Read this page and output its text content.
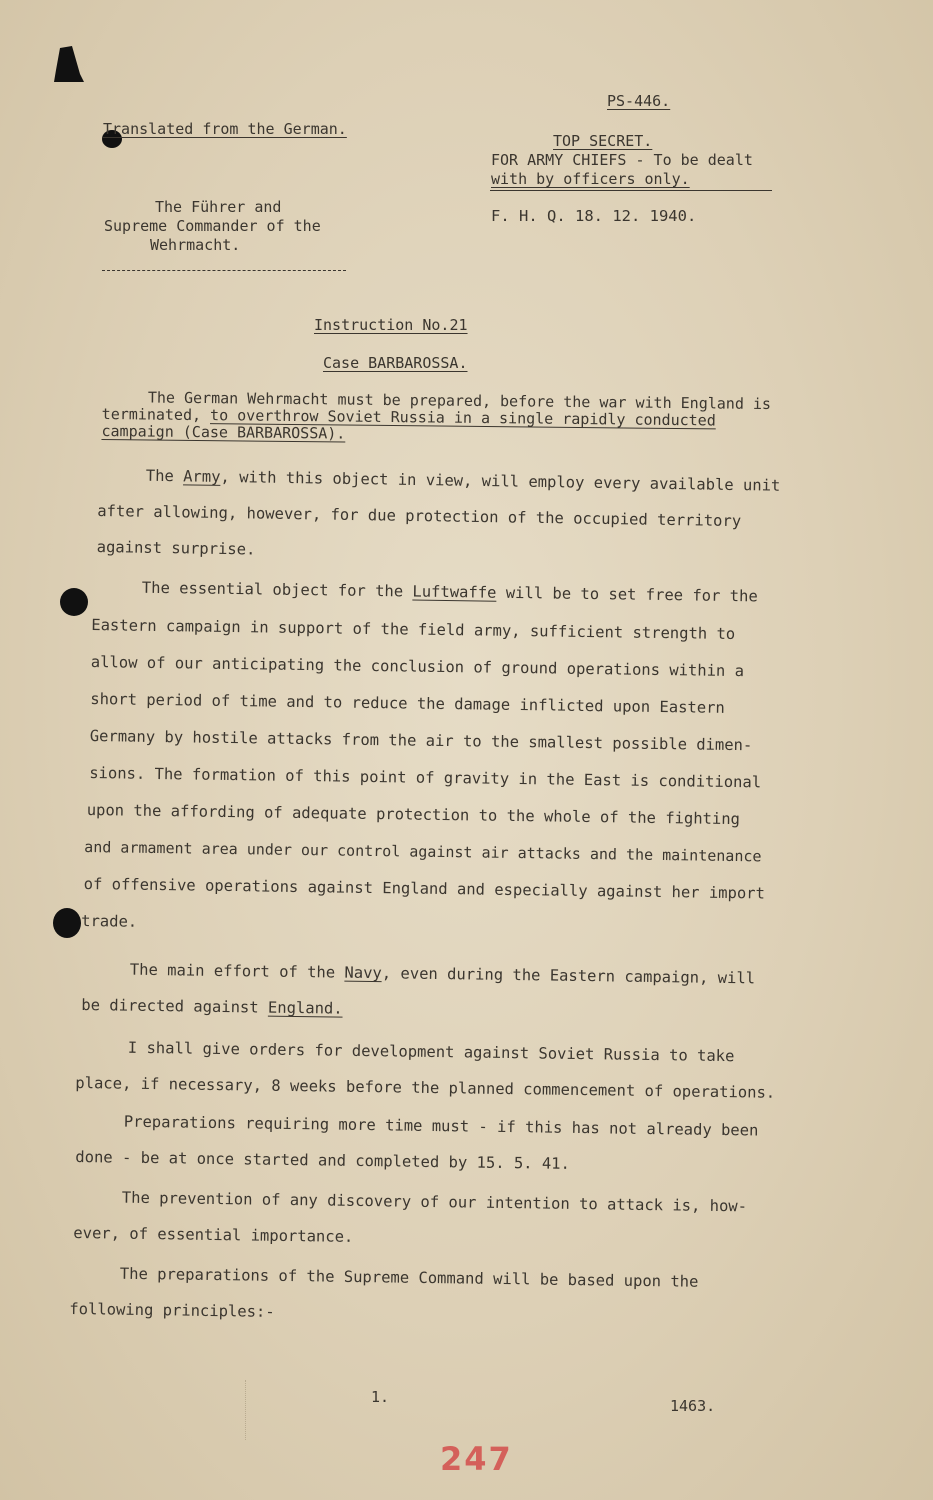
PS-446.
Translated from the German.
TOP SECRET.
FOR ARMY CHIEFS - To be dealt
with by officers only.
The Führer and
Supreme Commander of the
Wehrmacht.
F. H. Q. 18. 12. 1940.
Instruction No.21
Case BARBAROSSA.
The German Wehrmacht must be prepared, before the war with England is
terminated, to overthrow Soviet Russia in a single rapidly conducted
campaign (Case BARBAROSSA).
The Army, with this object in view, will employ every available unit
after allowing, however, for due protection of the occupied territory
against surprise.
The essential object for the Luftwaffe will be to set free for the
Eastern campaign in support of the field army, sufficient strength to
allow of our anticipating the conclusion of ground operations within a
short period of time and to reduce the damage inflicted upon Eastern
Germany by hostile attacks from the air to the smallest possible dimen-
sions. The formation of this point of gravity in the East is conditional
upon the affording of adequate protection to the whole of the fighting
and armament area under our control against air attacks and the maintenance
of offensive operations against England and especially against her import
trade.
The main effort of the Navy, even during the Eastern campaign, will
be directed against England.
I shall give orders for development against Soviet Russia to take
place, if necessary, 8 weeks before the planned commencement of operations.
Preparations requiring more time must - if this has not already been
done - be at once started and completed by 15. 5. 41.
The prevention of any discovery of our intention to attack is, how-
ever, of essential importance.
The preparations of the Supreme Command will be based upon the
following principles:-
1.	1463.
247
